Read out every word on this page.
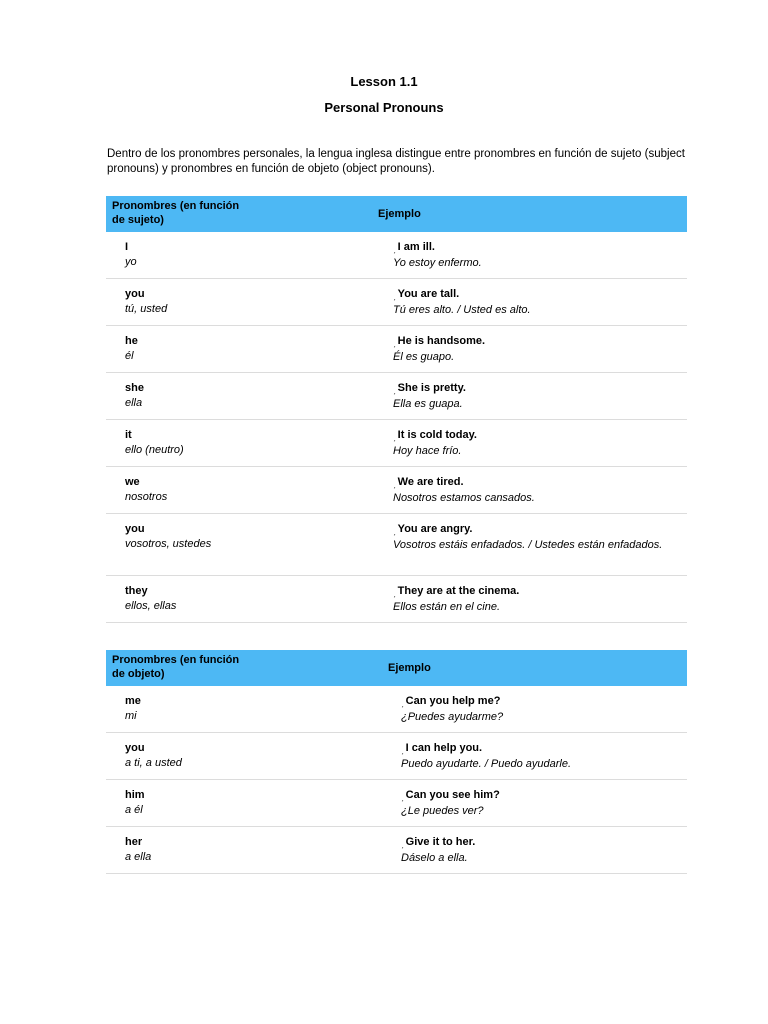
Lesson 1.1
Personal Pronouns
Dentro de los pronombres personales, la lengua inglesa distingue entre pronombres en función de sujeto (subject pronouns) y pronombres en función de objeto (object pronouns).
Pronombres (en función de sujeto)	Ejemplo
I
yo
ˏ I am ill.
Yo estoy enfermo.
you
tú, usted
ˏ You are tall.
Tú eres alto. / Usted es alto.
he
él
ˏ He is handsome.
Él es guapo.
she
ella
ˏ She is pretty.
Ella es guapa.
it
ello (neutro)
ˏ It is cold today.
Hoy hace frío.
we
nosotros
ˏ We are tired.
Nosotros estamos cansados.
you
vosotros, ustedes
ˏ You are angry.
Vosotros estáis enfadados. / Ustedes están enfadados.
they
ellos, ellas
ˏ They are at the cinema.
Ellos están en el cine.
Pronombres (en función de objeto)	Ejemplo
me
mi
ˏ Can you help me?
¿Puedes ayudarme?
you
a ti, a usted
ˏ I can help you.
Puedo ayudarte. / Puedo ayudarle.
him
a él
ˏ Can you see him?
¿Le puedes ver?
her
a ella
ˏ Give it to her.
Dáselo a ella.
